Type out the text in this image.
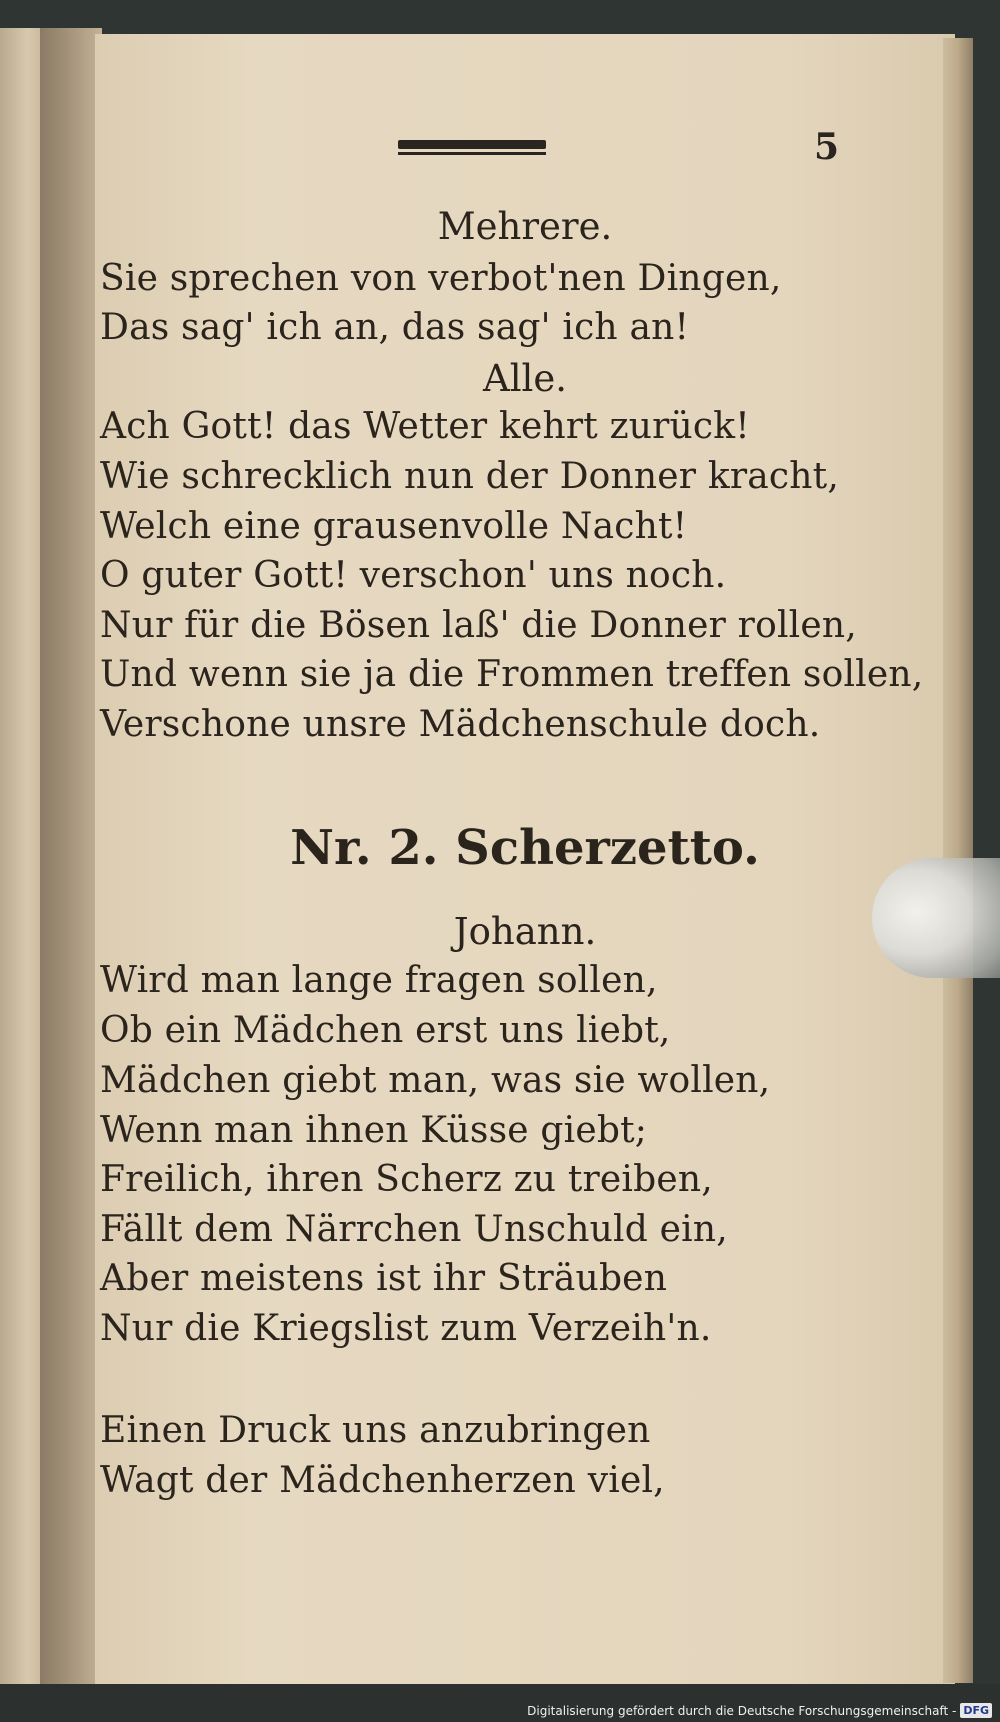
5
Mehrere.
Sie sprechen von verbot'nen Dingen,
Das sag' ich an, das sag' ich an!
Alle.
Ach Gott! das Wetter kehrt zurück!
Wie schrecklich nun der Donner kracht,
Welch eine grausenvolle Nacht!
O guter Gott! verschon' uns noch.
Nur für die Bösen laß' die Donner rollen,
Und wenn sie ja die Frommen treffen sollen,
Verschone unsre Mädchenschule doch.
Nr. 2. Scherzetto.
Johann.
Wird man lange fragen sollen,
Ob ein Mädchen erst uns liebt,
Mädchen giebt man, was sie wollen,
Wenn man ihnen Küsse giebt;
Freilich, ihren Scherz zu treiben,
Fällt dem Närrchen Unschuld ein,
Aber meistens ist ihr Sträuben
Nur die Kriegslist zum Verzeih'n.
Einen Druck uns anzubringen
Wagt der Mädchenherzen viel,
Digitalisierung gefördert durch die Deutsche Forschungsgemeinschaft - DFG
